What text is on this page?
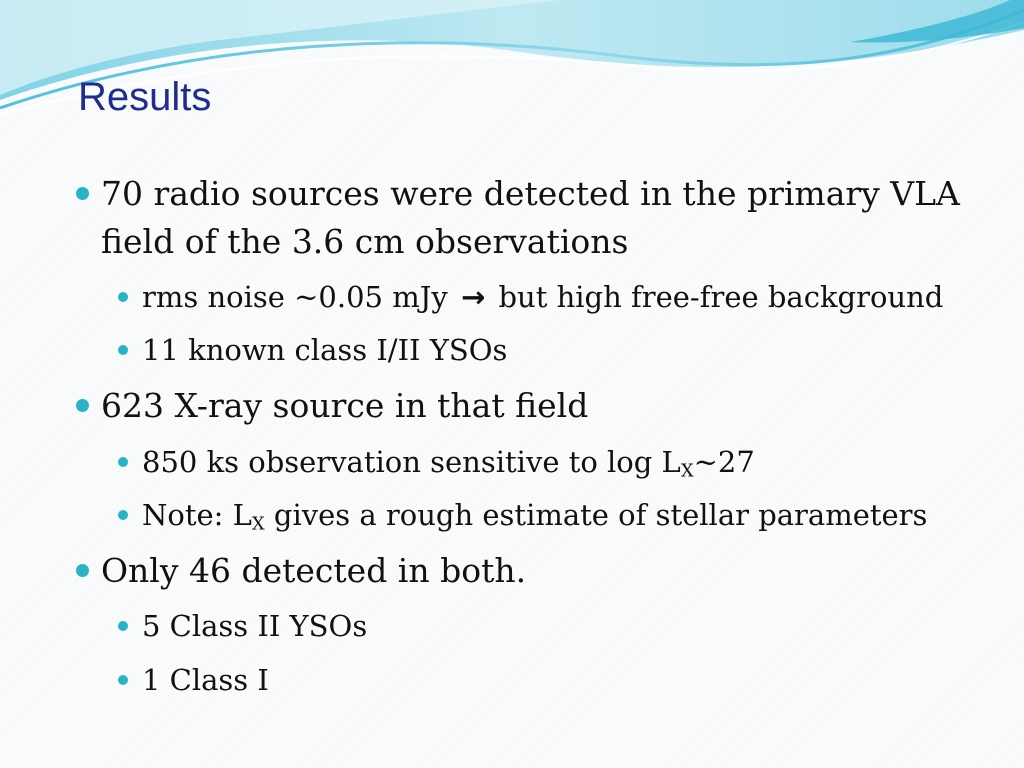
Results
70 radio sources were detected in the primary VLA
field of the 3.6 cm observations
rms noise ~0.05 mJy → but high free-free background
11 known class I/II YSOs
623 X-ray source in that field
850 ks observation sensitive to $\log L_X\sim 27$
Note: $L_X$ gives a rough estimate of stellar parameters
Only 46 detected in both.
5 Class II YSOs
1 Class I
